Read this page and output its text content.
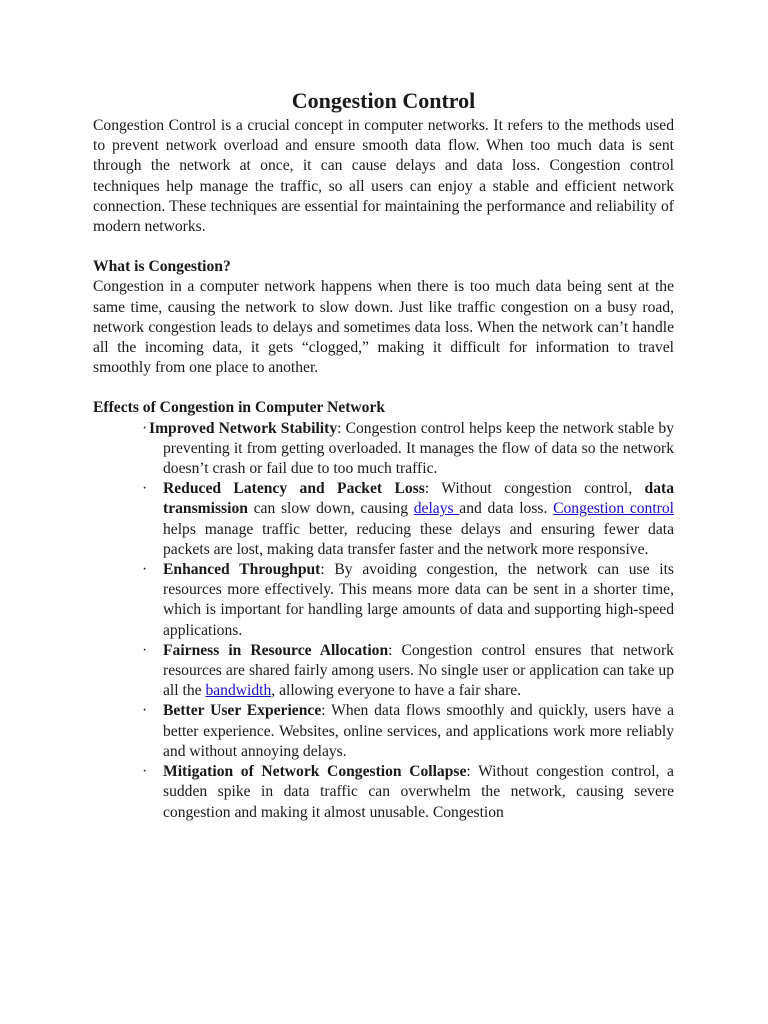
Congestion Control

Congestion Control is a crucial concept in computer networks. It refers to the methods used to prevent network overload and ensure smooth data flow. When too much data is sent through the network at once, it can cause delays and data loss. Congestion control techniques help manage the traffic, so all users can enjoy a stable and efficient network connection. These techniques are essential for maintaining the performance and reliability of modern networks.

What is Congestion?

Congestion in a computer network happens when there is too much data being sent at the same time, causing the network to slow down. Just like traffic congestion on a busy road, network congestion leads to delays and sometimes data loss. When the network can’t handle all the incoming data, it gets “clogged,” making it difficult for information to travel smoothly from one place to another.

Effects of Congestion in Computer Network

· Improved Network Stability: Congestion control helps keep the network stable by preventing it from getting overloaded. It manages the flow of data so the network doesn’t crash or fail due to too much traffic.
· Reduced Latency and Packet Loss: Without congestion control, data transmission can slow down, causing delays and data loss. Congestion control helps manage traffic better, reducing these delays and ensuring fewer data packets are lost, making data transfer faster and the network more responsive.
· Enhanced Throughput: By avoiding congestion, the network can use its resources more effectively. This means more data can be sent in a shorter time, which is important for handling large amounts of data and supporting high-speed applications.
· Fairness in Resource Allocation: Congestion control ensures that network resources are shared fairly among users. No single user or application can take up all the bandwidth, allowing everyone to have a fair share.
· Better User Experience: When data flows smoothly and quickly, users have a better experience. Websites, online services, and applications work more reliably and without annoying delays.
· Mitigation of Network Congestion Collapse: Without congestion control, a sudden spike in data traffic can overwhelm the network, causing severe congestion and making it almost unusable. Congestion
